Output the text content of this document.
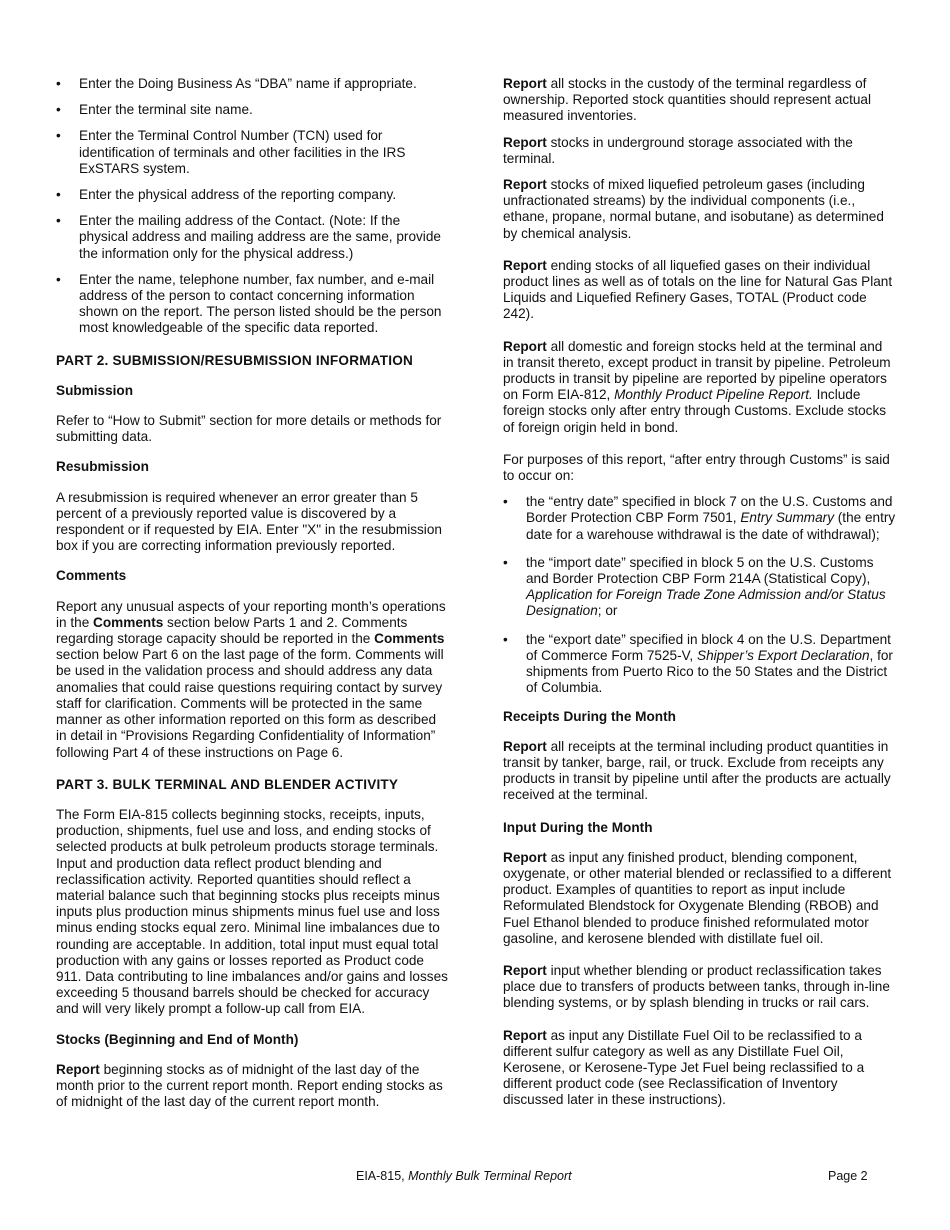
• Enter the Doing Business As “DBA” name if appropriate.
• Enter the terminal site name.
• Enter the Terminal Control Number (TCN) used for identification of terminals and other facilities in the IRS ExSTARS system.
• Enter the physical address of the reporting company.
• Enter the mailing address of the Contact. (Note: If the physical address and mailing address are the same, provide the information only for the physical address.)
• Enter the name, telephone number, fax number, and e-mail address of the person to contact concerning information shown on the report. The person listed should be the person most knowledgeable of the specific data reported.
PART 2. SUBMISSION/RESUBMISSION INFORMATION
Submission

Refer to “How to Submit” section for more details or methods for submitting data.

Resubmission

A resubmission is required whenever an error greater than 5 percent of a previously reported value is discovered by a respondent or if requested by EIA. Enter "X" in the resubmission box if you are correcting information previously reported.

Comments

Report any unusual aspects of your reporting month’s operations in the Comments section below Parts 1 and 2. Comments regarding storage capacity should be reported in the Comments section below Part 6 on the last page of the form. Comments will be used in the validation process and should address any data anomalies that could raise questions requiring contact by survey staff for clarification. Comments will be protected in the same manner as other information reported on this form as described in detail in “Provisions Regarding Confidentiality of Information” following Part 4 of these instructions on Page 6.

PART 3. BULK TERMINAL AND BLENDER ACTIVITY

The Form EIA-815 collects beginning stocks, receipts, inputs, production, shipments, fuel use and loss, and ending stocks of selected products at bulk petroleum products storage terminals. Input and production data reflect product blending and reclassification activity. Reported quantities should reflect a material balance such that beginning stocks plus receipts minus inputs plus production minus shipments minus fuel use and loss minus ending stocks equal zero. Minimal line imbalances due to rounding are acceptable. In addition, total input must equal total production with any gains or losses reported as Product code 911. Data contributing to line imbalances and/or gains and losses exceeding 5 thousand barrels should be checked for accuracy and will very likely prompt a follow-up call from EIA.

Stocks (Beginning and End of Month)

Report beginning stocks as of midnight of the last day of the month prior to the current report month. Report ending stocks as of midnight of the last day of the current report month.

Report all stocks in the custody of the terminal regardless of ownership. Reported stock quantities should represent actual measured inventories.

Report stocks in underground storage associated with the terminal.

Report stocks of mixed liquefied petroleum gases (including unfractionated streams) by the individual components (i.e., ethane, propane, normal butane, and isobutane) as determined by chemical analysis.

Report ending stocks of all liquefied gases on their individual product lines as well as of totals on the line for Natural Gas Plant Liquids and Liquefied Refinery Gases, TOTAL (Product code 242).

Report all domestic and foreign stocks held at the terminal and in transit thereto, except product in transit by pipeline. Petroleum products in transit by pipeline are reported by pipeline operators on Form EIA-812, Monthly Product Pipeline Report. Include foreign stocks only after entry through Customs. Exclude stocks of foreign origin held in bond.

For purposes of this report, “after entry through Customs” is said to occur on:

• the “entry date” specified in block 7 on the U.S. Customs and Border Protection CBP Form 7501, Entry Summary (the entry date for a warehouse withdrawal is the date of withdrawal);
• the “import date” specified in block 5 on the U.S. Customs and Border Protection CBP Form 214A (Statistical Copy), Application for Foreign Trade Zone Admission and/or Status Designation; or
• the “export date” specified in block 4 on the U.S. Department of Commerce Form 7525-V, Shipper’s Export Declaration, for shipments from Puerto Rico to the 50 States and the District of Columbia.
Receipts During the Month

Report all receipts at the terminal including product quantities in transit by tanker, barge, rail, or truck. Exclude from receipts any products in transit by pipeline until after the products are actually received at the terminal.

Input During the Month

Report as input any finished product, blending component, oxygenate, or other material blended or reclassified to a different product. Examples of quantities to report as input include Reformulated Blendstock for Oxygenate Blending (RBOB) and Fuel Ethanol blended to produce finished reformulated motor gasoline, and kerosene blended with distillate fuel oil.

Report input whether blending or product reclassification takes place due to transfers of products between tanks, through in-line blending systems, or by splash blending in trucks or rail cars.

Report as input any Distillate Fuel Oil to be reclassified to a different sulfur category as well as any Distillate Fuel Oil, Kerosene, or Kerosene-Type Jet Fuel being reclassified to a different product code (see Reclassification of Inventory discussed later in these instructions).

EIA-815, Monthly Bulk Terminal Report	Page 2
